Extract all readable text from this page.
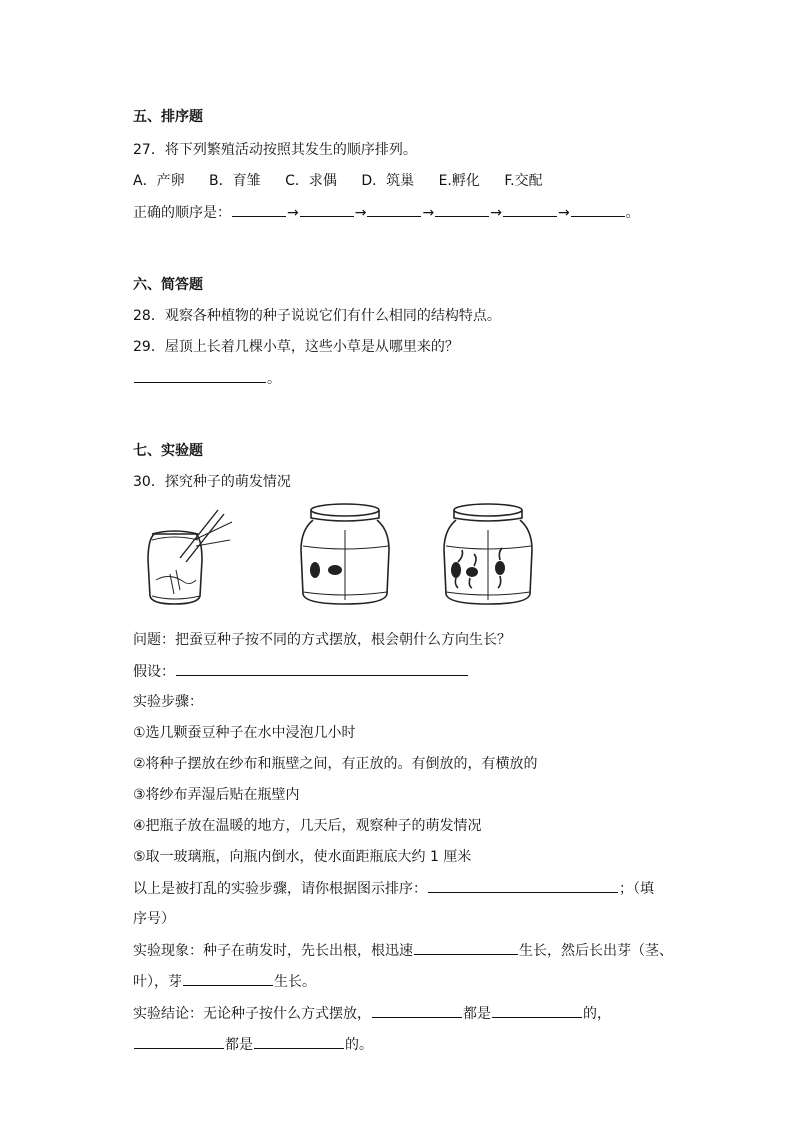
五、排序题
27．将下列繁殖活动按照其发生的顺序排列。
A．产卵 B．育雏 C．求偶 D．筑巢 E.孵化 F.交配
正确的顺序是：	→	→	→	→	→	。
六、简答题
28．观察各种植物的种子说说它们有什么相同的结构特点。
29．屋顶上长着几棵小草，这些小草是从哪里来的？
。
七、实验题
30．探究种子的萌发情况
问题：把蚕豆种子按不同的方式摆放，根会朝什么方向生长？
假设：
实验步骤：
①选几颗蚕豆种子在水中浸泡几小时
②将种子摆放在纱布和瓶壁之间，有正放的。有倒放的，有横放的
③将纱布弄湿后贴在瓶壁内
④把瓶子放在温暖的地方，几天后，观察种子的萌发情况
⑤取一玻璃瓶，向瓶内倒水，使水面距瓶底大约 1 厘米
以上是被打乱的实验步骤，请你根据图示排序：	；（填
序号）
实验现象：种子在萌发时，先长出根，根迅速	生长，然后长出芽（茎、
叶），芽	生长。
实验结论：无论种子按什么方式摆放，	都是	的，
都是	的。
